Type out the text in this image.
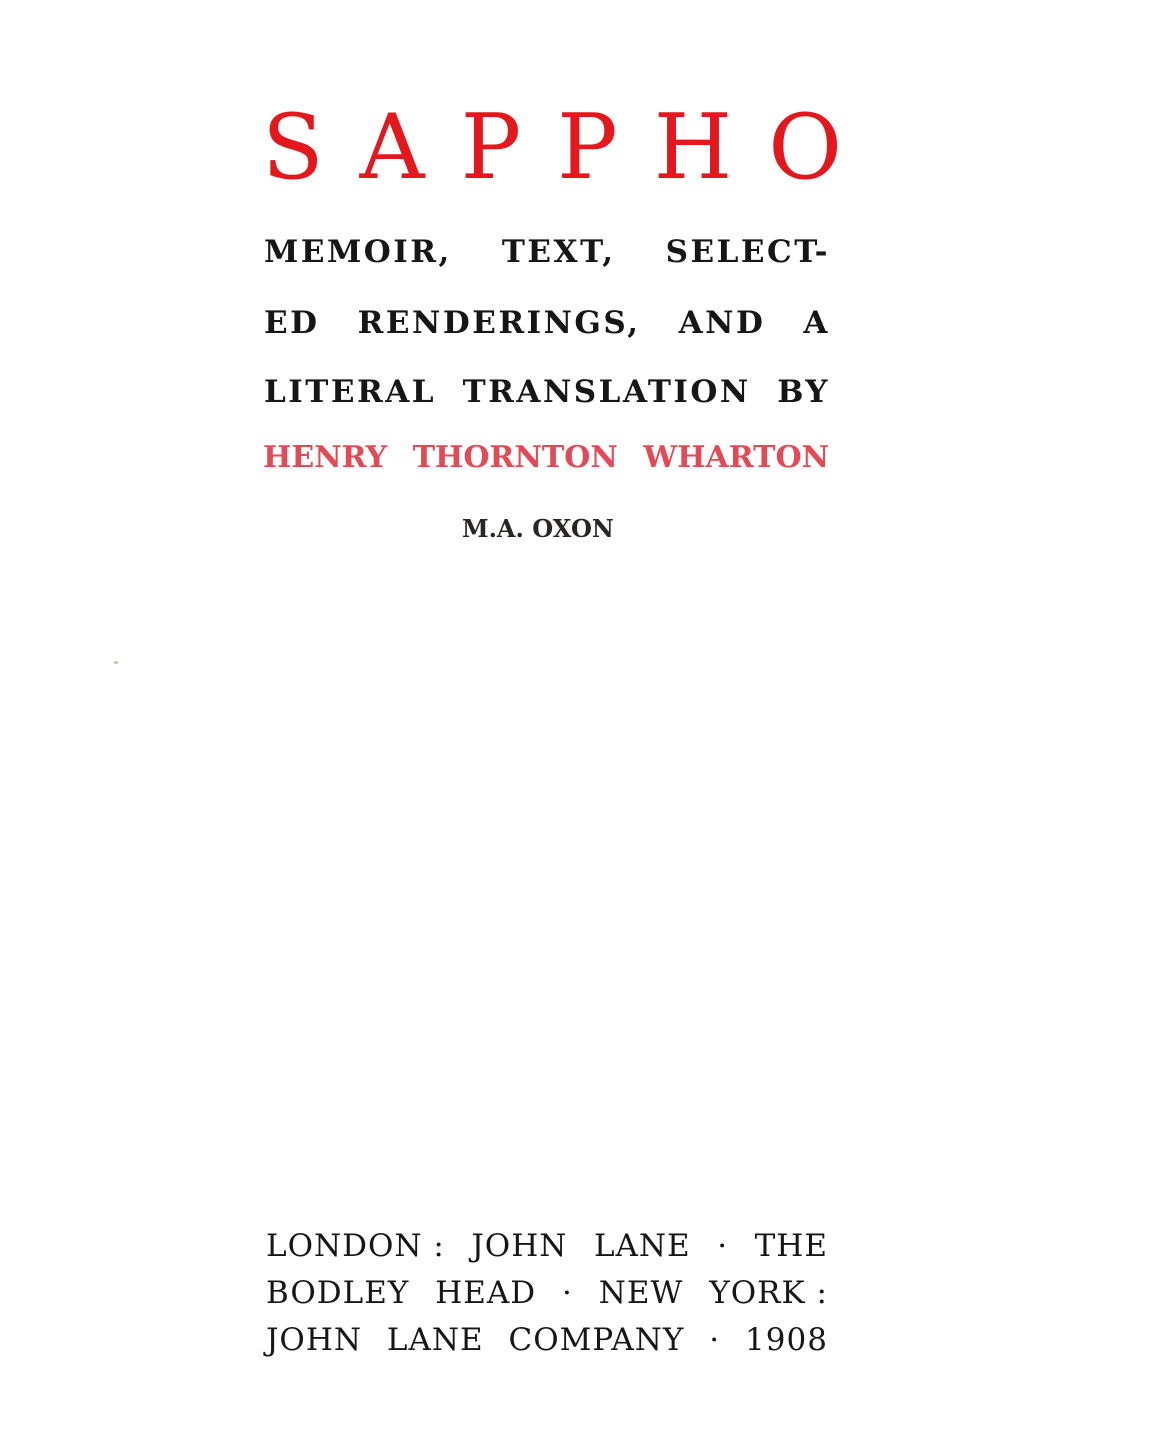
S A P P H O
MEMOIR, TEXT, SELECT-
ED RENDERINGS, AND A
LITERAL TRANSLATION BY
HENRY THORNTON WHARTON
M.A. OXON
LONDON : JOHN LANE · THE
BODLEY HEAD · NEW YORK :
JOHN LANE COMPANY · 1908
